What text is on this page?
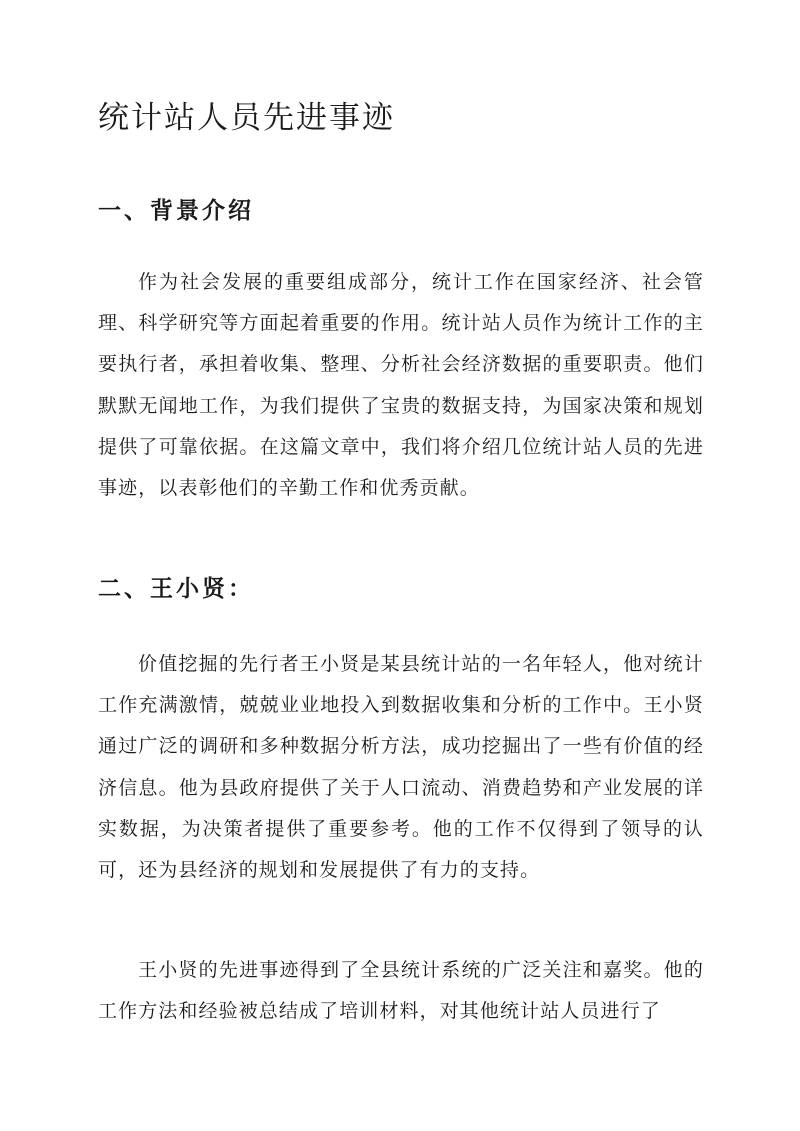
统计站人员先进事迹
一、背景介绍

作为社会发展的重要组成部分，统计工作在国家经济、社会管理、科学研究等方面起着重要的作用。统计站人员作为统计工作的主要执行者，承担着收集、整理、分析社会经济数据的重要职责。他们默默无闻地工作，为我们提供了宝贵的数据支持，为国家决策和规划提供了可靠依据。在这篇文章中，我们将介绍几位统计站人员的先进事迹，以表彰他们的辛勤工作和优秀贡献。

二、王小贤：

价值挖掘的先行者王小贤是某县统计站的一名年轻人，他对统计工作充满激情，兢兢业业地投入到数据收集和分析的工作中。王小贤通过广泛的调研和多种数据分析方法，成功挖掘出了一些有价值的经济信息。他为县政府提供了关于人口流动、消费趋势和产业发展的详实数据，为决策者提供了重要参考。他的工作不仅得到了领导的认可，还为县经济的规划和发展提供了有力的支持。

王小贤的先进事迹得到了全县统计系统的广泛关注和嘉奖。他的工作方法和经验被总结成了培训材料，对其他统计站人员进行了
